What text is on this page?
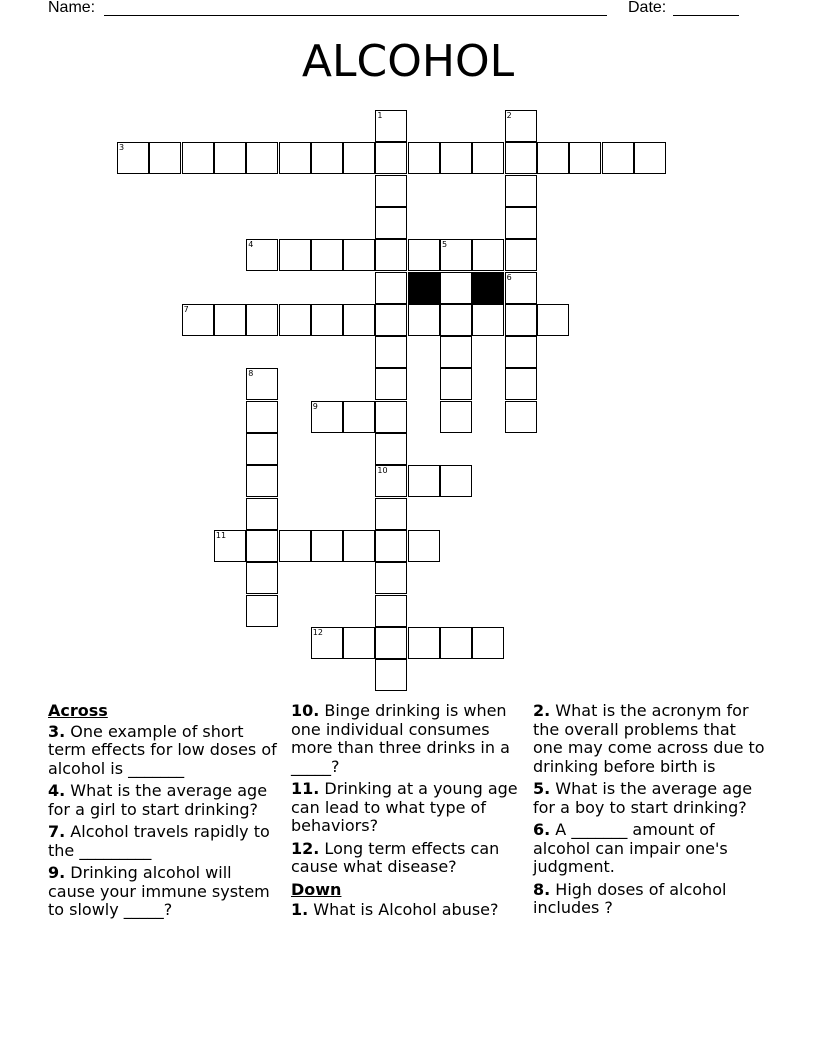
Name:	Date:
ALCOHOL
1
10
2
3
4	5
6
7
8
9
11
12
Across
3. One example of short term effects for low doses of alcohol is _______
4. What is the average age for a girl to start drinking?
7. Alcohol travels rapidly to the _________
9. Drinking alcohol will cause your immune system to slowly _____?
10. Binge drinking is when one individual consumes more than three drinks in a _____?
11. Drinking at a young age can lead to what type of behaviors?
12. Long term effects can cause what disease?
Down
1. What is Alcohol abuse?
2. What is the acronym for the overall problems that one may come across due to drinking before birth is
5. What is the average age for a boy to start drinking?
6. A _______ amount of alcohol can impair one's judgment.
8. High doses of alcohol includes ?
